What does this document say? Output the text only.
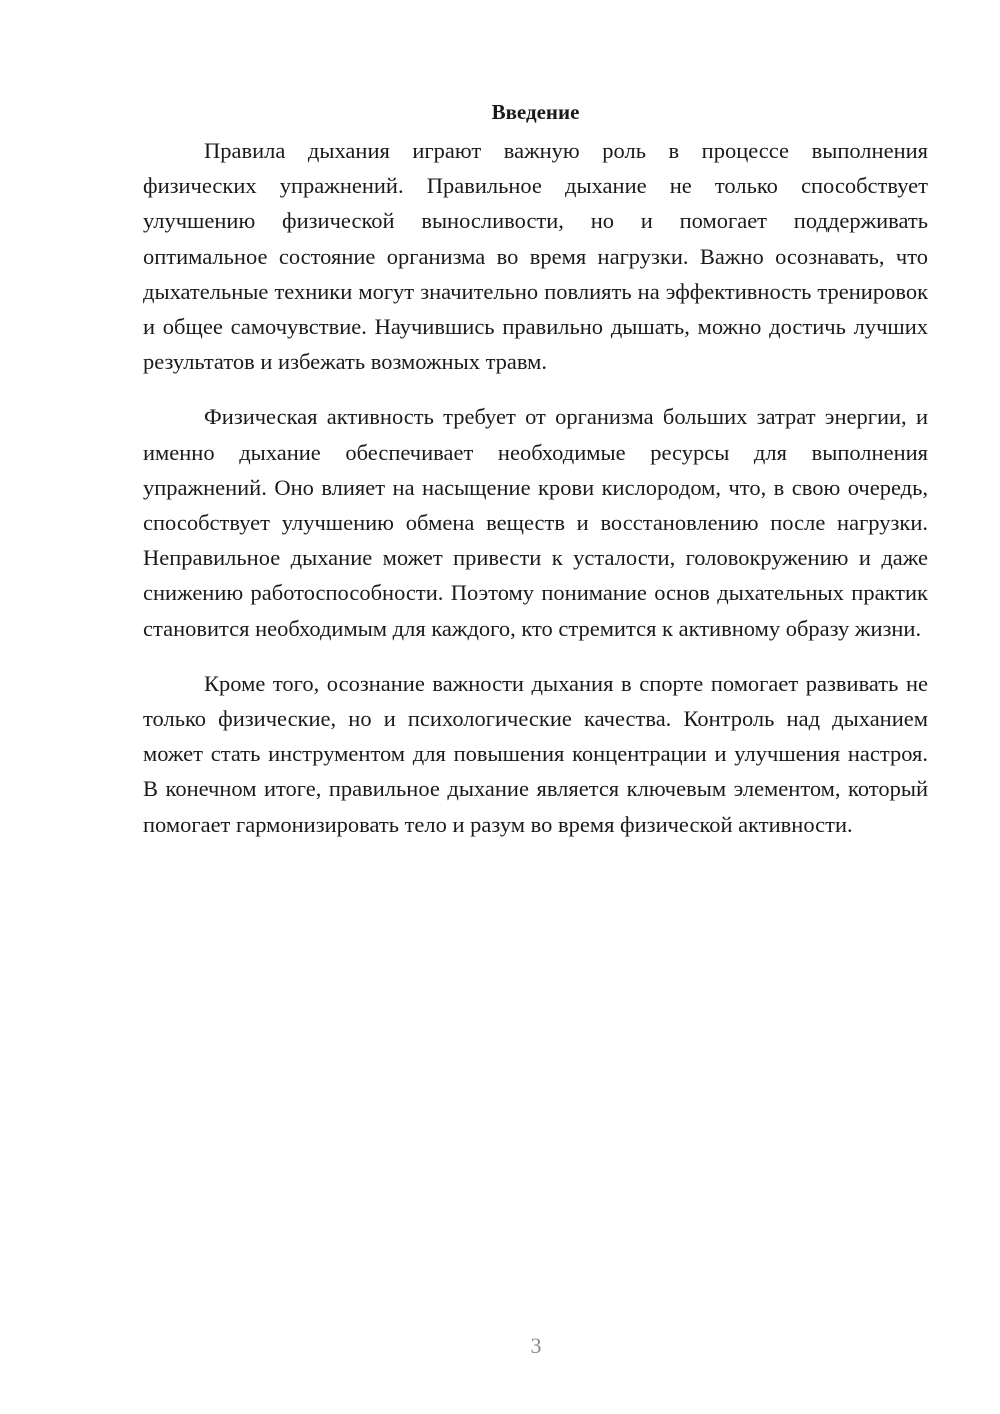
Введение

Правила дыхания играют важную роль в процессе выполнения физических упражнений. Правильное дыхание не только способствует улучшению физической выносливости, но и помогает поддерживать оптимальное состояние организма во время нагрузки. Важно осознавать, что дыхательные техники могут значительно повлиять на эффективность тренировок и общее самочувствие. Научившись правильно дышать, можно достичь лучших результатов и избежать возможных травм.

Физическая активность требует от организма больших затрат энергии, и именно дыхание обеспечивает необходимые ресурсы для выполнения упражнений. Оно влияет на насыщение крови кислородом, что, в свою очередь, способствует улучшению обмена веществ и восстановлению после нагрузки. Неправильное дыхание может привести к усталости, головокружению и даже снижению работоспособности. Поэтому понимание основ дыхательных практик становится необходимым для каждого, кто стремится к активному образу жизни.

Кроме того, осознание важности дыхания в спорте помогает развивать не только физические, но и психологические качества. Контроль над дыханием может стать инструментом для повышения концентрации и улучшения настроя. В конечном итоге, правильное дыхание является ключевым элементом, который помогает гармонизировать тело и разум во время физической активности.

3
